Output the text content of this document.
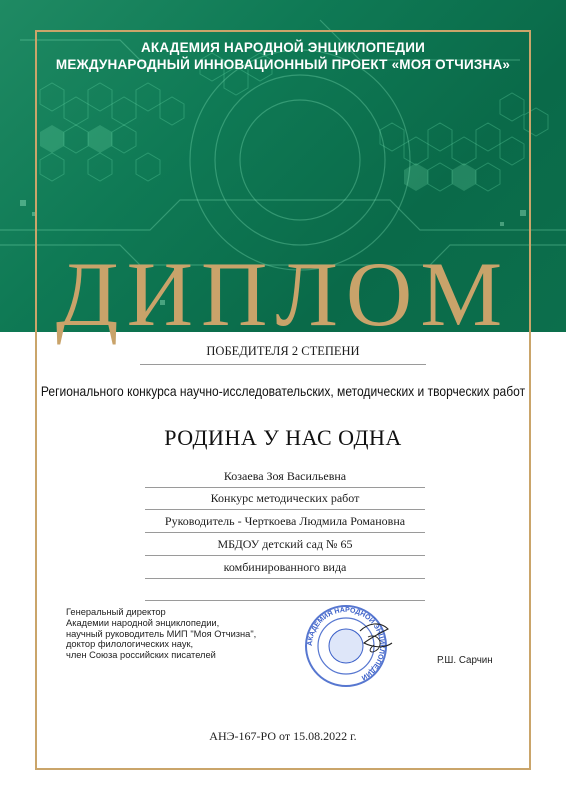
АКАДЕМИЯ НАРОДНОЙ ЭНЦИКЛОПЕДИИ
МЕЖДУНАРОДНЫЙ ИННОВАЦИОННЫЙ ПРОЕКТ «МОЯ ОТЧИЗНА»
ДИПЛОМ
ПОБЕДИТЕЛЯ 2 СТЕПЕНИ
Регионального конкурса научно-исследовательских, методических и творческих работ
РОДИНА У НАС ОДНА
Козаева Зоя Васильевна
Конкурс методических работ
Руководитель - Черткоева Людмила Романовна
МБДОУ детский сад № 65
комбинированного вида
Генеральный директор
Академии народной энциклопедии,
научный руководитель МИП "Моя Отчизна",
доктор филологических наук,
член Союза российских писателей
АКАДЕМИЯ НАРОДНОЙ ЭНЦИКЛОПЕДИИ
Р.Ш. Сарчин
АНЭ-167-РО от 15.08.2022 г.
